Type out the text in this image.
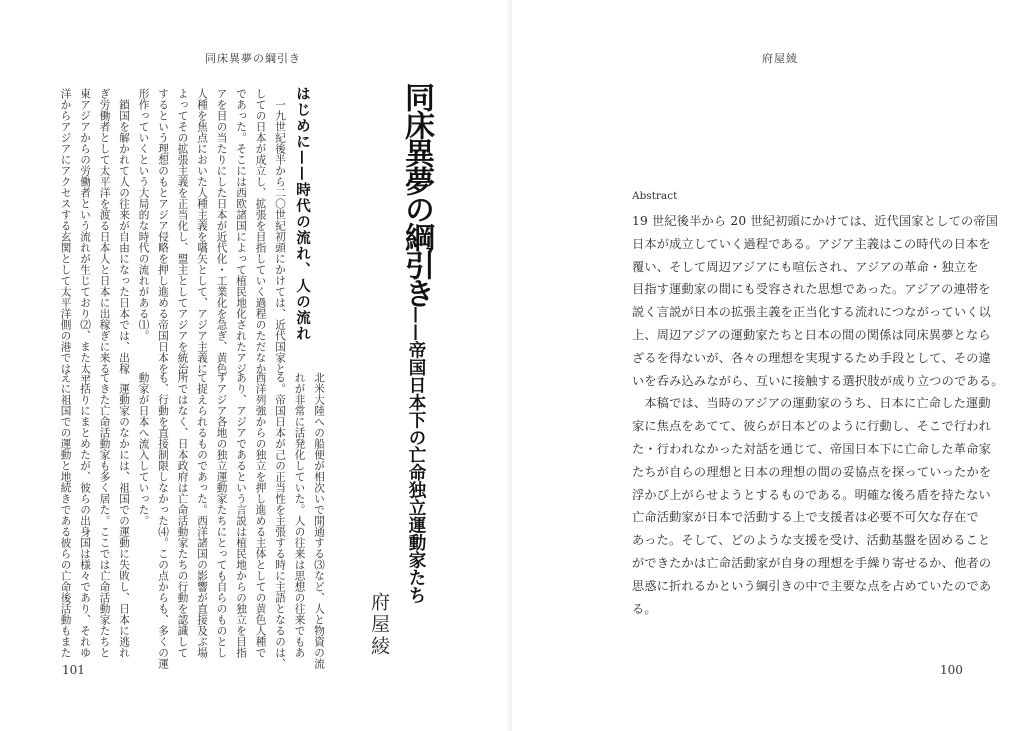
同床異夢の綱引き
　一九世紀後半から二〇世紀初頭にかけては、近代国家と
しての日本が成立し、拡張を目指していく過程のただなか
であった。そこには西欧諸国によって植民地化されたアジ
アを目の当たりにした日本が近代化・工業化を急ぎ、黄色
人種を焦点においた人種主義を嚆矢として、アジア主義に
よってその拡張主義を正当化し、盟主としてアジアを統治
するという理想のもとアジア侵略を押し進める帝国日本を
形作っていくという大局的な時代の流れがある⑴。
　鎖国を解かれて人の往来が自由になった日本では、出稼
ぎ労働者として太平洋を渡る日本人と日本に出稼ぎに来る
東アジアからの労働者という流れが生じており⑵、また太平
洋からアジアにアクセスする玄関として太平洋側の港では	はじめに——時代の流れ、人の流れ
北米大陸への船便が相次いで開通する⑶など、人と物資の流
れが非常に活発化していた。人の往来は思想の往来でもあ
る。帝国日本が己の正当性を主張する時に主語となるのは、
西洋列強からの独立を押し進める主体としての黄色人種で
あり、アジアであるという言説は植民地からの独立を目指
すアジア各地の独立運動家たちにとっても自らのものとし
て捉えられるものであった。西洋諸国の影響が直接及ぶ場
所ではなく、日本政府は亡命活動家たちの行動を認識して
も、行動を直接制限しなかった⑷。この点からも、多くの運
動家が日本へ流入していった。
　運動家のなかには、祖国での運動に失敗し、日本に逃れ
てきた亡命活動家も多く居た。ここでは亡命活動家たちと
一括りにまとめたが、彼らの出身国は様々であり、それゆ
えに祖国での運動と地続きである彼らの亡命後活動もまた
同床異夢の綱引き——帝国日本下の亡命独立運動家たち
府屋綾
101
府屋綾
100
Abstract
19 世紀後半から 20 世紀初頭にかけては、近代国家としての帝国
日本が成立していく過程である。アジア主義はこの時代の日本を
覆い、そして周辺アジアにも喧伝され、アジアの革命・独立を
目指す運動家の間にも受容された思想であった。アジアの連帯を
説く言説が日本の拡張主義を正当化する流れにつながっていく以
上、周辺アジアの運動家たちと日本の間の関係は同床異夢となら
ざるを得ないが、各々の理想を実現するため手段として、その違
いを呑み込みながら、互いに接触する選択肢が成り立つのである。
　本稿では、当時のアジアの運動家のうち、日本に亡命した運動
家に焦点をあてて、彼らが日本どのように行動し、そこで行われ
た・行われなかった対話を通じて、帝国日本下に亡命した革命家
たちが自らの理想と日本の理想の間の妥協点を探っていったかを
浮かび上がらせようとするものである。明確な後ろ盾を持たない
亡命活動家が日本で活動する上で支援者は必要不可欠な存在で
あった。そして、どのような支援を受け、活動基盤を固めること
ができたかは亡命活動家が自身の理想を手繰り寄せるか、他者の
思惑に折れるかという綱引きの中で主要な点を占めていたのであ
る。
